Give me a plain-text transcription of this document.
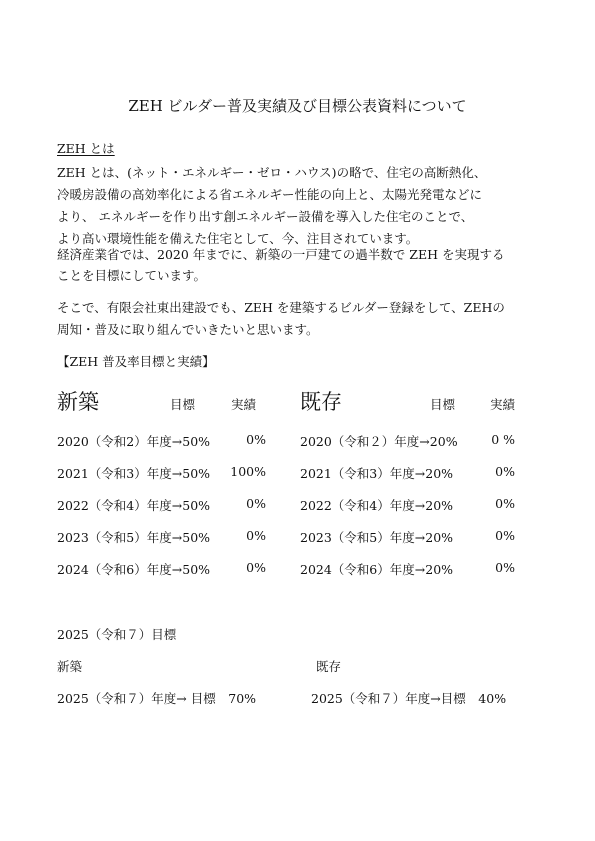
ZEH ビルダー普及実績及び目標公表資料について
ZEH とは
ZEH とは、(ネット・エネルギー・ゼロ・ハウス)の略で、住宅の高断熱化、
冷暖房設備の高効率化による省エネルギー性能の向上と、太陽光発電などに
より、 エネルギーを作り出す創エネルギー設備を導入した住宅のことで、
より高い環境性能を備えた住宅として、今、注目されています。
経済産業省では、2020 年までに、新築の一戸建ての過半数で ZEH を実現する
ことを目標にしています。
そこで、有限会社東出建設でも、ZEH を建築するビルダー登録をして、ZEHの
周知・普及に取り組んでいきたいと思います。
【ZEH 普及率目標と実績】
新築	目標	実績
2020（令和2）年度→50%	0%
2021（令和3）年度→50%	100%
2022（令和4）年度→50%	0%
2023（令和5）年度→50%	0%
2024（令和6）年度→50%	0%
既存	目標	実績
2020（令和２）年度→20%	0 %
2021（令和3）年度→20%	0%
2022（令和4）年度→20%	0%
2023（令和5）年度→20%	0%
2024（令和6）年度→20%	0%
2025（令和７）目標
新築	既存
2025（令和７）年度→ 目標　70%	2025（令和７）年度→目標　40%
